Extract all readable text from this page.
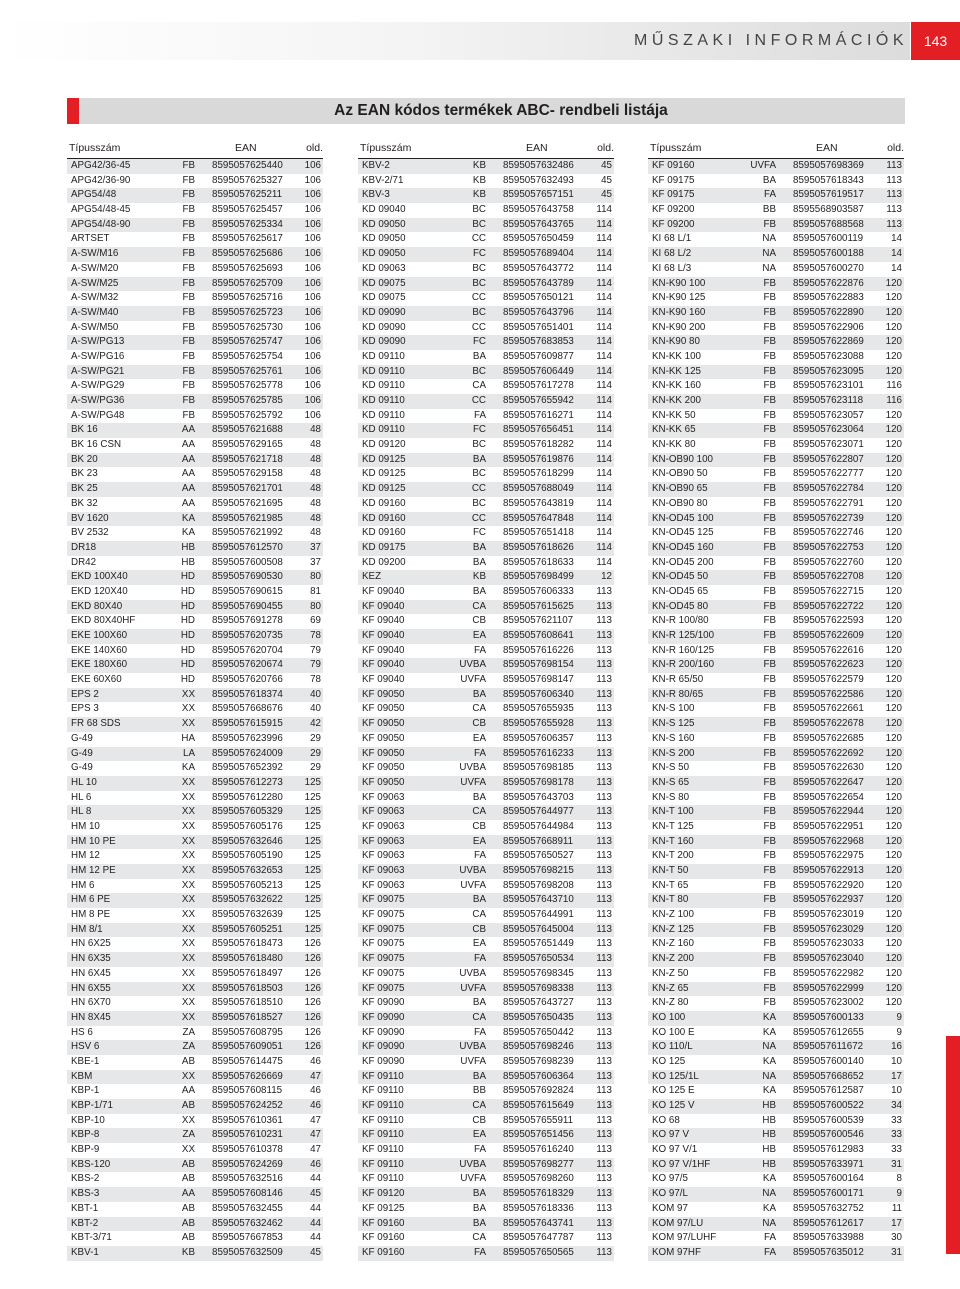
MŰSZAKI INFORMÁCIÓK	143
Az EAN kódos termékek ABC- rendbeli listája
Típusszám	EAN	old.
APG42/36-45	FB 8595057625440 106
APG42/36-90	FB 8595057625327 106
APG54/48	FB 8595057625211 106
APG54/48-45	FB 8595057625457 106
APG54/48-90	FB 8595057625334 106
ARTSET	FB 8595057625617 106
A-SW/M16	FB 8595057625686 106
A-SW/M20	FB 8595057625693 106
A-SW/M25	FB 8595057625709 106
A-SW/M32	FB 8595057625716 106
A-SW/M40	FB 8595057625723 106
A-SW/M50	FB 8595057625730 106
A-SW/PG13	FB 8595057625747 106
A-SW/PG16	FB 8595057625754 106
A-SW/PG21	FB 8595057625761 106
A-SW/PG29	FB 8595057625778 106
A-SW/PG36	FB 8595057625785 106
A-SW/PG48	FB 8595057625792 106
BK 16	AA 8595057621688	48
BK 16 CSN	AA 8595057629165	48
BK 20	AA 8595057621718	48
BK 23	AA 8595057629158	48
BK 25	AA 8595057621701	48
BK 32	AA 8595057621695	48
BV 1620	KA 8595057621985	48
BV 2532	KA 8595057621992	48
DR18	HB 8595057612570	37
DR42	HB 8595057600508	37
EKD 100X40	HD 8595057690530	80
EKD 120X40	HD 8595057690615	81
EKD 80X40	HD 8595057690455	80
EKD 80X40HF	HD 8595057691278	69
EKE 100X60	HD 8595057620735	78
EKE 140X60	HD 8595057620704	79
EKE 180X60	HD 8595057620674	79
EKE 60X60	HD 8595057620766	78
EPS 2	XX 8595057618374	40
EPS 3	XX 8595057668676	40
FR 68 SDS	XX 8595057615915	42
G-49	HA 8595057623996	29
G-49	LA 8595057624009	29
G-49	KA 8595057652392	29
HL 10	XX 8595057612273 125
HL 6	XX 8595057612280 125
HL 8	XX 8595057605329 125
HM 10	XX 8595057605176 125
HM 10 PE	XX 8595057632646 125
HM 12	XX 8595057605190 125
HM 12 PE	XX 8595057632653 125
HM 6	XX 8595057605213 125
HM 6 PE	XX 8595057632622 125
HM 8 PE	XX 8595057632639 125
HM 8/1	XX 8595057605251 125
HN 6X25	XX 8595057618473 126
HN 6X35	XX 8595057618480 126
HN 6X45	XX 8595057618497 126
HN 6X55	XX 8595057618503 126
HN 6X70	XX 8595057618510 126
HN 8X45	XX 8595057618527 126
HS 6	ZA 8595057608795 126
HSV 6	ZA 8595057609051 126
KBE-1	AB 8595057614475	46
KBM	XX 8595057626669	47
KBP-1	AA 8595057608115	46
KBP-1/71	AB 8595057624252	46
KBP-10	XX 8595057610361	47
KBP-8	ZA 8595057610231	47
KBP-9	XX 8595057610378	47
KBS-120	AB 8595057624269	46
KBS-2	AB 8595057632516	44
KBS-3	AA 8595057608146	45
KBT-1	AB 8595057632455	44
KBT-2	AB 8595057632462	44
KBT-3/71	AB 8595057667853	44
KBV-1	KB 8595057632509	45
Típusszám	EAN	old.
KBV-2	KB 8595057632486	45
KBV-2/71	KB 8595057632493	45
KBV-3	KB 8595057657151	45
KD 09040	BC 8595057643758 114
KD 09050	BC 8595057643765 114
KD 09050	CC 8595057650459 114
KD 09050	FC 8595057689404 114
KD 09063	BC 8595057643772 114
KD 09075	BC 8595057643789 114
KD 09075	CC 8595057650121 114
KD 09090	BC 8595057643796 114
KD 09090	CC 8595057651401 114
KD 09090	FC 8595057683853 114
KD 09110	BA 8595057609877 114
KD 09110	BC 8595057606449 114
KD 09110	CA 8595057617278 114
KD 09110	CC 8595057655942 114
KD 09110	FA 8595057616271 114
KD 09110	FC 8595057656451 114
KD 09120	BC 8595057618282 114
KD 09125	BA 8595057619876 114
KD 09125	BC 8595057618299 114
KD 09125	CC 8595057688049 114
KD 09160	BC 8595057643819 114
KD 09160	CC 8595057647848 114
KD 09160	FC 8595057651418 114
KD 09175	BA 8595057618626 114
KD 09200	BA 8595057618633 114
KEZ	KB 8595057698499	12
KF 09040	BA 8595057606333 113
KF 09040	CA 8595057615625 113
KF 09040	CB 8595057621107 113
KF 09040	EA 8595057608641 113
KF 09040	FA 8595057616226 113
KF 09040	UVBA 8595057698154 113
KF 09040	UVFA 8595057698147 113
KF 09050	BA 8595057606340 113
KF 09050	CA 8595057655935 113
KF 09050	CB 8595057655928 113
KF 09050	EA 8595057606357 113
KF 09050	FA 8595057616233 113
KF 09050	UVBA 8595057698185 113
KF 09050	UVFA 8595057698178 113
KF 09063	BA 8595057643703 113
KF 09063	CA 8595057644977 113
KF 09063	CB 8595057644984 113
KF 09063	EA 8595057668911 113
KF 09063	FA 8595057650527 113
KF 09063	UVBA 8595057698215 113
KF 09063	UVFA 8595057698208 113
KF 09075	BA 8595057643710 113
KF 09075	CA 8595057644991 113
KF 09075	CB 8595057645004 113
KF 09075	EA 8595057651449 113
KF 09075	FA 8595057650534 113
KF 09075	UVBA 8595057698345 113
KF 09075	UVFA 8595057698338 113
KF 09090	BA 8595057643727 113
KF 09090	CA 8595057650435 113
KF 09090	FA 8595057650442 113
KF 09090	UVBA 8595057698246 113
KF 09090	UVFA 8595057698239 113
KF 09110	BA 8595057606364 113
KF 09110	BB 8595057692824 113
KF 09110	CA 8595057615649 113
KF 09110	CB 8595057655911 113
KF 09110	EA 8595057651456 113
KF 09110	FA 8595057616240 113
KF 09110	UVBA 8595057698277 113
KF 09110	UVFA 8595057698260 113
KF 09120	BA 8595057618329 113
KF 09125	BA 8595057618336 113
KF 09160	BA 8595057643741 113
KF 09160	CA 8595057647787 113
KF 09160	FA 8595057650565 113
Típusszám	EAN	old.
KF 09160	UVFA 8595057698369 113
KF 09175	BA 8595057618343 113
KF 09175	FA 8595057619517 113
KF 09200	BB 8595568903587 113
KF 09200	FB 8595057688568 113
KI 68 L/1	NA 8595057600119	14
KI 68 L/2	NA 8595057600188	14
KI 68 L/3	NA 8595057600270	14
KN-K90 100	FB 8595057622876 120
KN-K90 125	FB 8595057622883 120
KN-K90 160	FB 8595057622890 120
KN-K90 200	FB 8595057622906 120
KN-K90 80	FB 8595057622869 120
KN-KK 100	FB 8595057623088 120
KN-KK 125	FB 8595057623095 120
KN-KK 160	FB 8595057623101 116
KN-KK 200	FB 8595057623118 116
KN-KK 50	FB 8595057623057 120
KN-KK 65	FB 8595057623064 120
KN-KK 80	FB 8595057623071 120
KN-OB90 100	FB 8595057622807 120
KN-OB90 50	FB 8595057622777 120
KN-OB90 65	FB 8595057622784 120
KN-OB90 80	FB 8595057622791 120
KN-OD45 100	FB 8595057622739 120
KN-OD45 125	FB 8595057622746 120
KN-OD45 160	FB 8595057622753 120
KN-OD45 200	FB 8595057622760 120
KN-OD45 50	FB 8595057622708 120
KN-OD45 65	FB 8595057622715 120
KN-OD45 80	FB 8595057622722 120
KN-R 100/80	FB 8595057622593 120
KN-R 125/100	FB 8595057622609 120
KN-R 160/125	FB 8595057622616 120
KN-R 200/160	FB 8595057622623 120
KN-R 65/50	FB 8595057622579 120
KN-R 80/65	FB 8595057622586 120
KN-S 100	FB 8595057622661 120
KN-S 125	FB 8595057622678 120
KN-S 160	FB 8595057622685 120
KN-S 200	FB 8595057622692 120
KN-S 50	FB 8595057622630 120
KN-S 65	FB 8595057622647 120
KN-S 80	FB 8595057622654 120
KN-T 100	FB 8595057622944 120
KN-T 125	FB 8595057622951 120
KN-T 160	FB 8595057622968 120
KN-T 200	FB 8595057622975 120
KN-T 50	FB 8595057622913 120
KN-T 65	FB 8595057622920 120
KN-T 80	FB 8595057622937 120
KN-Z 100	FB 8595057623019 120
KN-Z 125	FB 8595057623029 120
KN-Z 160	FB 8595057623033 120
KN-Z 200	FB 8595057623040 120
KN-Z 50	FB 8595057622982 120
KN-Z 65	FB 8595057622999 120
KN-Z 80	FB 8595057623002 120
KO 100	KA 8595057600133	9
KO 100 E	KA 8595057612655	9
KO 110/L	NA 8595057611672	16
KO 125	KA 8595057600140	10
KO 125/1L	NA 8595057668652	17
KO 125 E	KA 8595057612587	10
KO 125 V	HB 8595057600522	34
KO 68	HB 8595057600539	33
KO 97 V	HB 8595057600546	33
KO 97 V/1	HB 8595057612983	33
KO 97 V/1HF	HB 8595057633971	31
KO 97/5	KA 8595057600164	8
KO 97/L	NA 8595057600171	9
KOM 97	KA 8595057632752	11
KOM 97/LU	NA 8595057612617	17
KOM 97/LUHF	FA 8595057633988	30
KOM 97HF	FA 8595057635012	31
